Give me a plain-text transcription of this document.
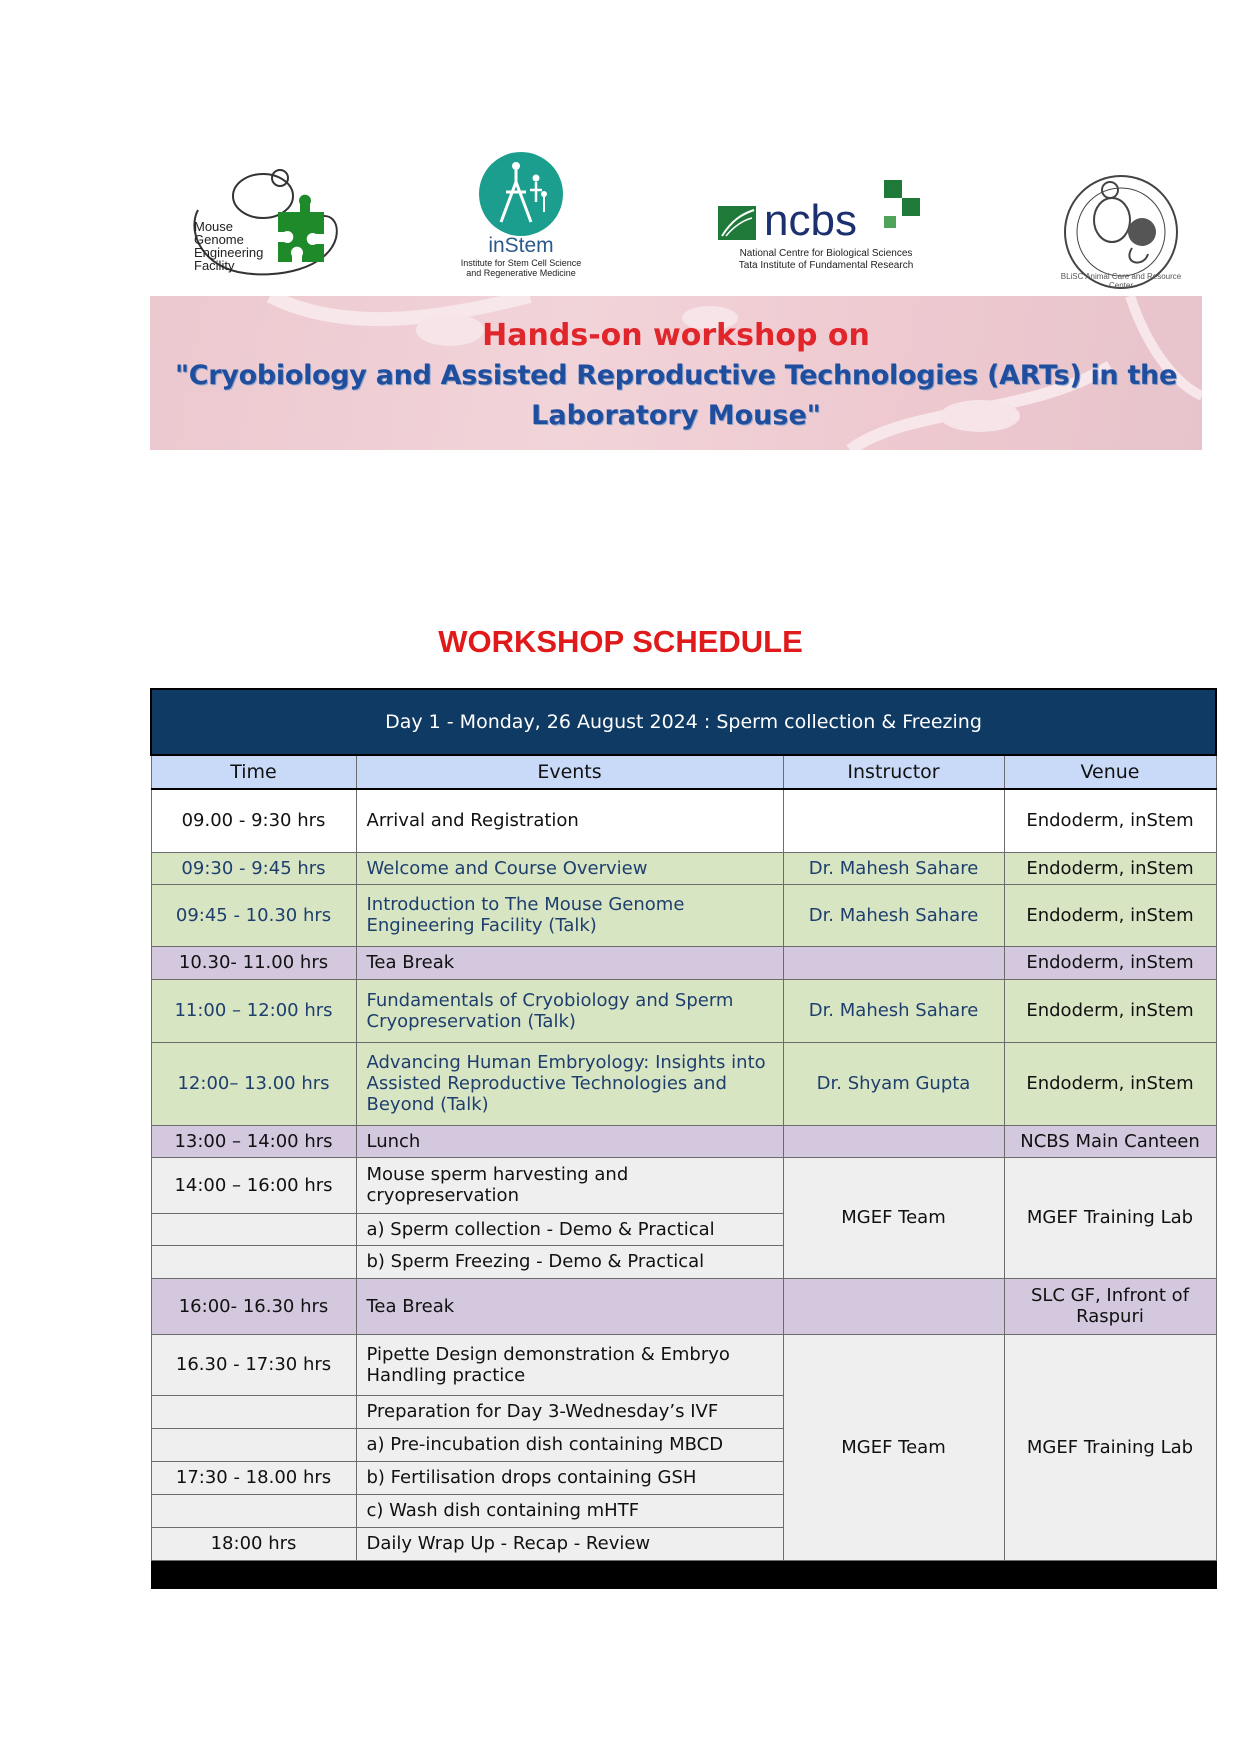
Mouse
Genome
Engineering
Facility
inStem
Institute for Stem Cell Science
and Regenerative Medicine
ncbs
National Centre for Biological Sciences
Tata Institute of Fundamental Research
BLiSC Animal Care and Resource Center
Hands-on workshop on
"Cryobiology and Assisted Reproductive Technologies (ARTs) in the
Laboratory Mouse"
WORKSHOP SCHEDULE
Day 1 - Monday, 26 August 2024 : Sperm collection & Freezing			
Time	Events	Instructor	Venue
09.00 - 9:30 hrs	Arrival and Registration		Endoderm, inStem
09:30 - 9:45 hrs	Welcome and Course Overview	Dr. Mahesh Sahare	Endoderm, inStem
09:45 - 10.30 hrs	Introduction to The Mouse Genome Engineering Facility (Talk)	Dr. Mahesh Sahare	Endoderm, inStem
10.30- 11.00 hrs	Tea Break		Endoderm, inStem
11:00 – 12:00 hrs	Fundamentals of Cryobiology and Sperm Cryopreservation (Talk)	Dr. Mahesh Sahare	Endoderm, inStem
12:00– 13.00 hrs	Advancing Human Embryology: Insights into Assisted Reproductive Technologies and Beyond (Talk)	Dr. Shyam Gupta	Endoderm, inStem
13:00 – 14:00 hrs	Lunch		NCBS Main Canteen
14:00 – 16:00 hrs	Mouse sperm harvesting and cryopreservation	MGEF Team	MGEF Training Lab
	a) Sperm collection - Demo & Practical		
	b) Sperm Freezing - Demo & Practical		
16:00- 16.30 hrs	Tea Break		SLC GF, Infront of Raspuri
16.30 - 17:30 hrs	Pipette Design demonstration & Embryo Handling practice	MGEF Team	MGEF Training Lab
	Preparation for Day 3-Wednesday’s IVF		
	a) Pre-incubation dish containing MBCD		
17:30 - 18.00 hrs	b) Fertilisation drops containing GSH		
	c) Wash dish containing mHTF		
18:00 hrs	Daily Wrap Up - Recap - Review		
